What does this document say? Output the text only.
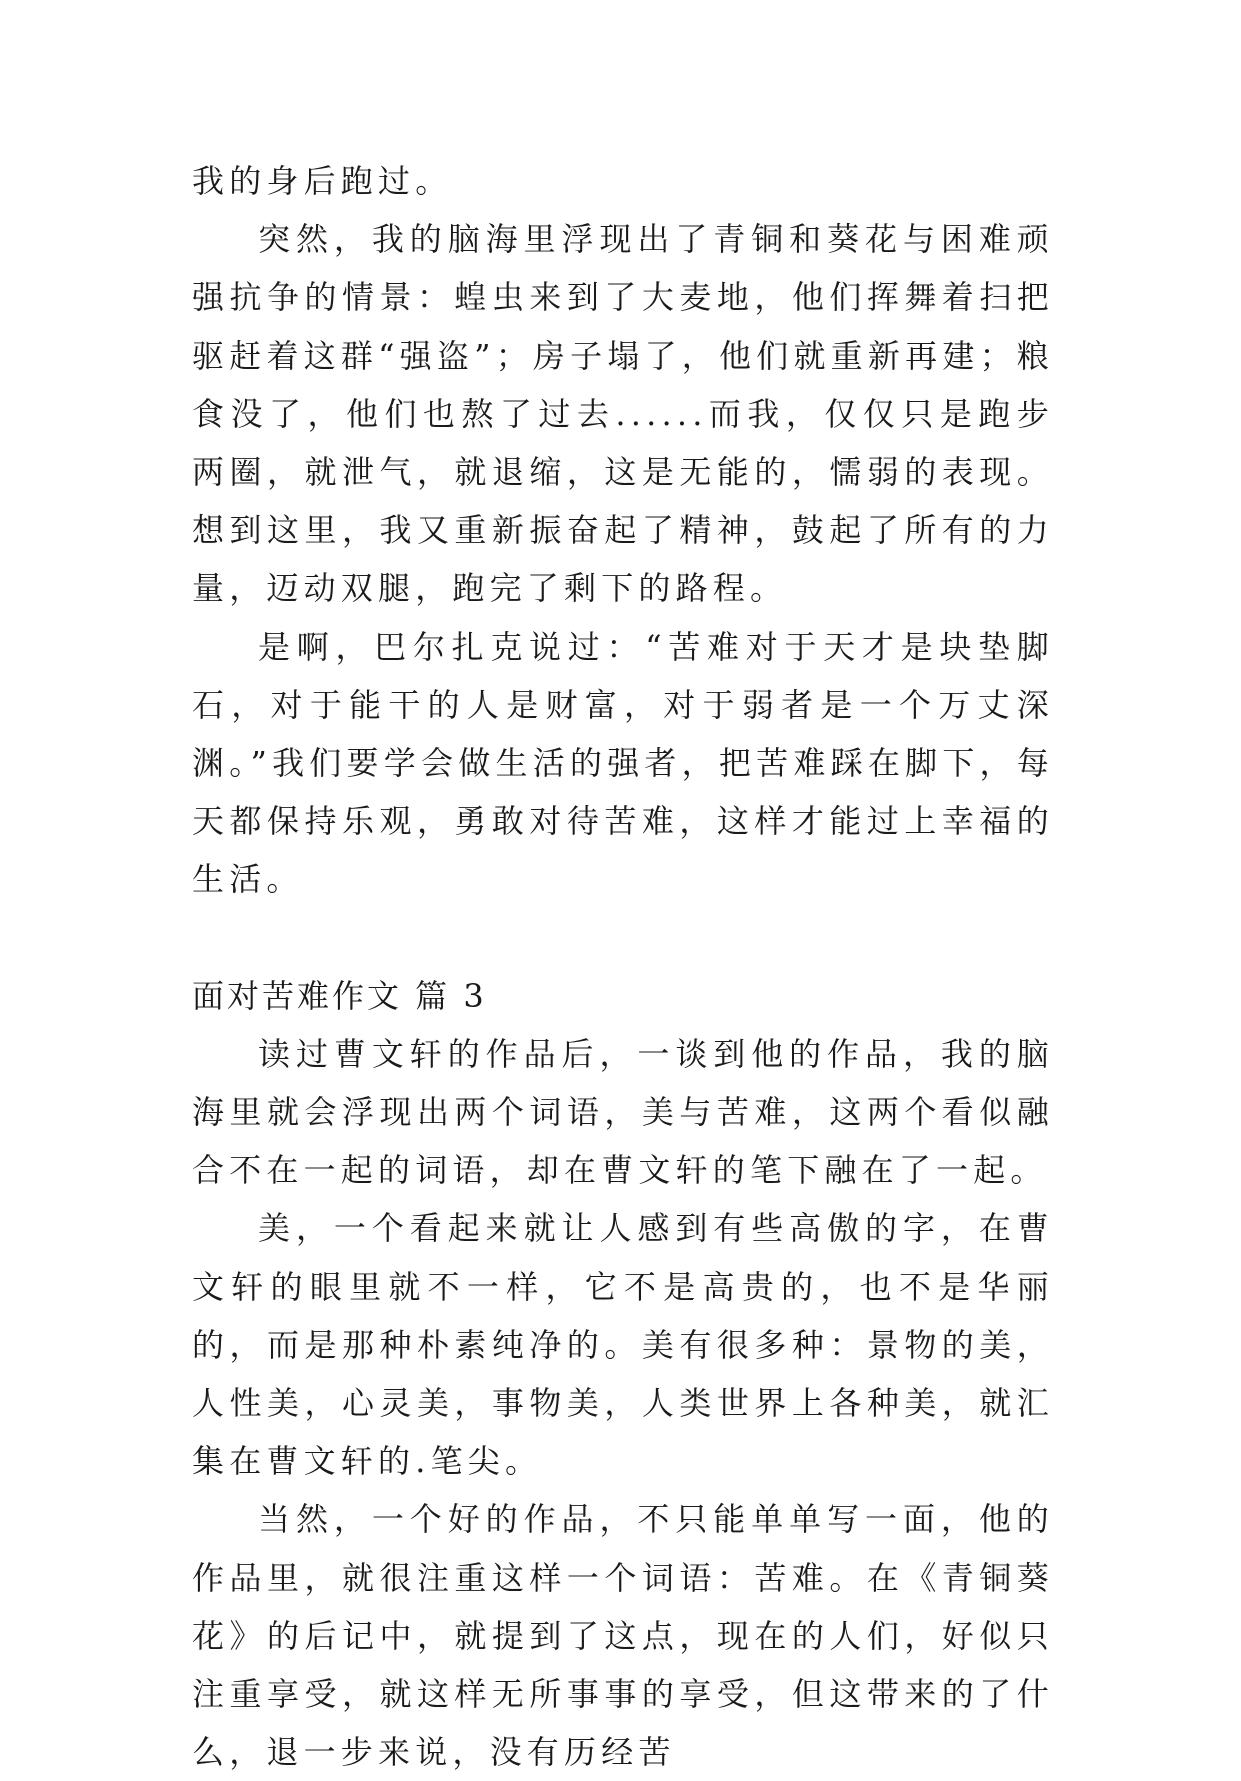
我的身后跑过。

突然，我的脑海里浮现出了青铜和葵花与困难顽强抗争的情景：蝗虫来到了大麦地，他们挥舞着扫把驱赶着这群“强盗”；房子塌了，他们就重新再建；粮食没了，他们也熬了过去......而我，仅仅只是跑步两圈，就泄气，就退缩，这是无能的，懦弱的表现。想到这里，我又重新振奋起了精神，鼓起了所有的力量，迈动双腿，跑完了剩下的路程。

是啊，巴尔扎克说过：“苦难对于天才是块垫脚石，对于能干的人是财富，对于弱者是一个万丈深渊。”我们要学会做生活的强者，把苦难踩在脚下，每天都保持乐观，勇敢对待苦难，这样才能过上幸福的生活。

面对苦难作文 篇 3

读过曹文轩的作品后，一谈到他的作品，我的脑海里就会浮现出两个词语，美与苦难，这两个看似融合不在一起的词语，却在曹文轩的笔下融在了一起。

美，一个看起来就让人感到有些高傲的字，在曹文轩的眼里就不一样，它不是高贵的，也不是华丽的，而是那种朴素纯净的。美有很多种：景物的美，人性美，心灵美，事物美，人类世界上各种美，就汇集在曹文轩的.笔尖。

当然，一个好的作品，不只能单单写一面，他的作品里，就很注重这样一个词语：苦难。在《青铜葵花》的后记中，就提到了这点，现在的人们，好似只注重享受，就这样无所事事的享受，但这带来的了什么，退一步来说，没有历经苦
